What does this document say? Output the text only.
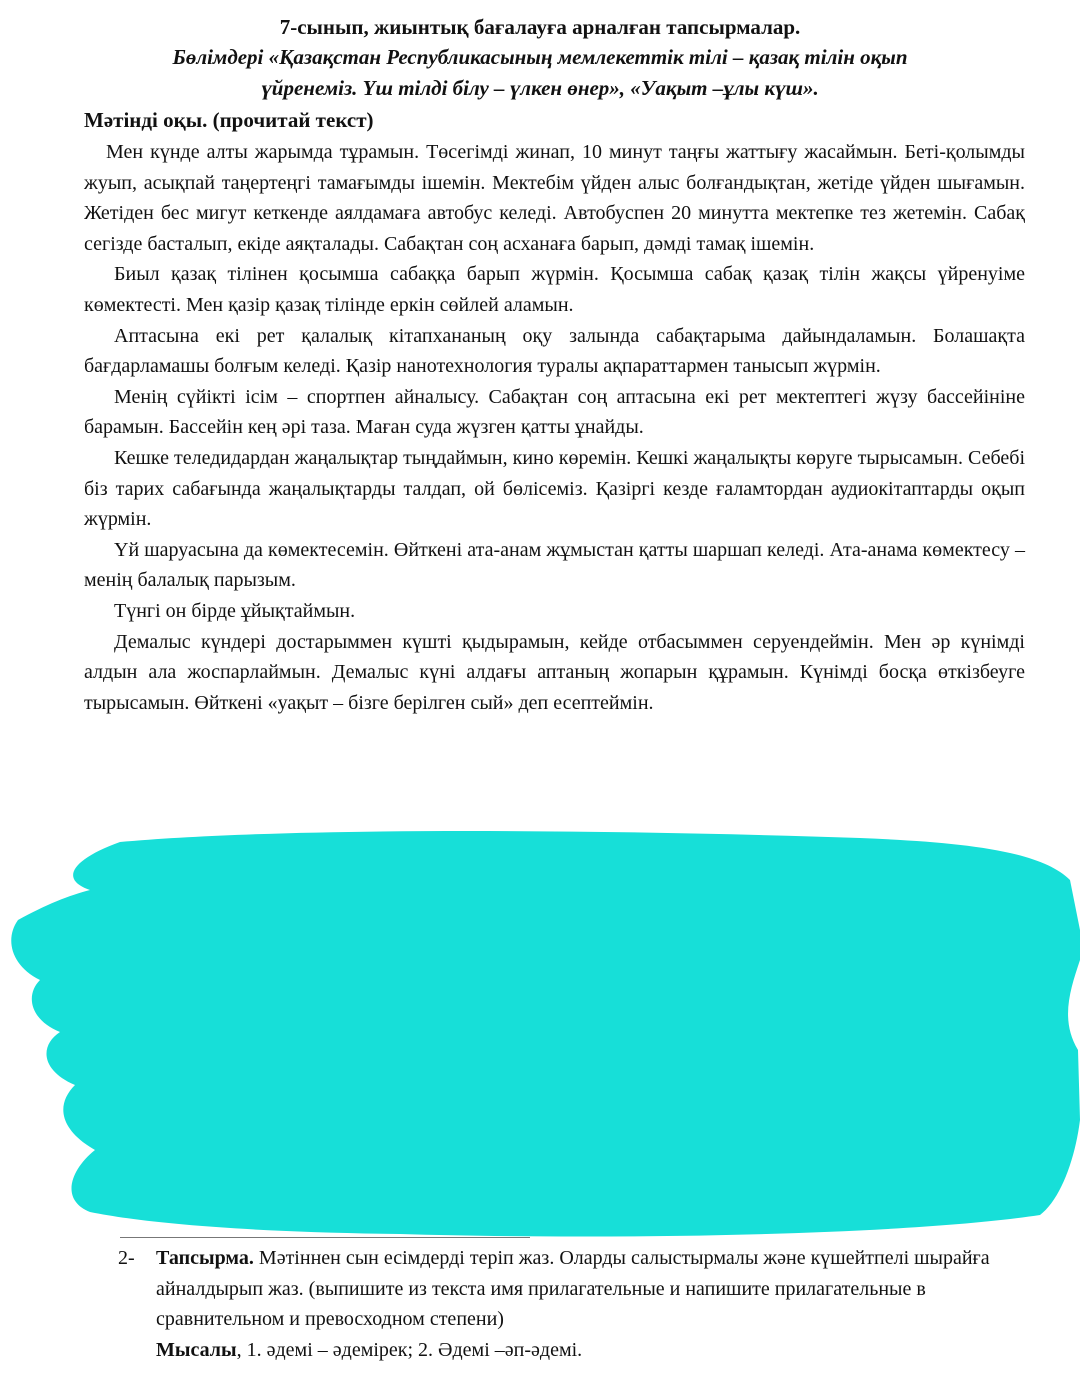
7-сынып, жиынтық бағалауға арналған тапсырмалар.
Бөлімдері «Қазақстан Республикасының мемлекеттік тілі – қазақ тілін оқып
үйренеміз. Үш тілді білу – үлкен өнер», «Уақыт –ұлы күш».
Мәтінді оқы. (прочитай текст)

Мен күнде алты жарымда тұрамын. Төсегімді жинап, 10 минут таңғы жаттығу жасаймын. Беті-қолымды жуып, асықпай таңертеңгі тамағымды ішемін. Мектебім үйден алыс болғандықтан, жетіде үйден шығамын. Жетіден бес мигут кеткенде аялдамаға автобус келеді. Автобуспен 20 минутта мектепке тез жетемін. Сабақ сегізде басталып, екіде аяқталады. Сабақтан соң асханаға барып, дәмді тамақ ішемін.

Биыл қазақ тілінен қосымша сабаққа барып жүрмін. Қосымша сабақ қазақ тілін жақсы үйренуіме көмектесті. Мен қазір қазақ тілінде еркін сөйлей аламын.

Аптасына екі рет қалалық кітапхананың оқу залында сабақтарыма дайындаламын. Болашақта бағдарламашы болғым келеді. Қазір нанотехнология туралы ақпараттармен танысып жүрмін.

Менің сүйікті ісім – спортпен айналысу. Сабақтан соң аптасына екі рет мектептегі жүзу бассейініне барамын. Бассейін кең әрі таза. Маған суда жүзген қатты ұнайды.

Кешке теледидардан жаңалықтар тыңдаймын, кино көремін. Кешкі жаңалықты көруге тырысамын. Себебі біз тарих сабағында жаңалықтарды талдап, ой бөлісеміз. Қазіргі кезде ғаламтордан аудиокітаптарды оқып жүрмін.

Үй шаруасына да көмектесемін. Өйткені ата-анам жұмыстан қатты шаршап келеді. Ата-анама көмектесу – менің балалық парызым.

Түнгі он бірде ұйықтаймын.

Демалыс күндері достарыммен күшті қыдырамын, кейде отбасыммен серуендеймін. Мен әр күнімді алдын ала жоспарлаймын. Демалыс күні алдағы аптаның жопарын құрамын. Күнімді босқа өткізбеуге тырысамын. Өйткені «уақыт – бізге берілген сый» деп есептеймін.

2- Тапсырма. Мәтіннен сын есімдерді теріп жаз. Оларды салыстырмалы және күшейтпелі шырайға айналдырып жаз. (выпишите из текста имя прилагательные и напишите прилагательные в сравнительном и превосходном степени)
Мысалы, 1. әдемі – әдемірек; 2. Әдемі –әп-әдемі.
